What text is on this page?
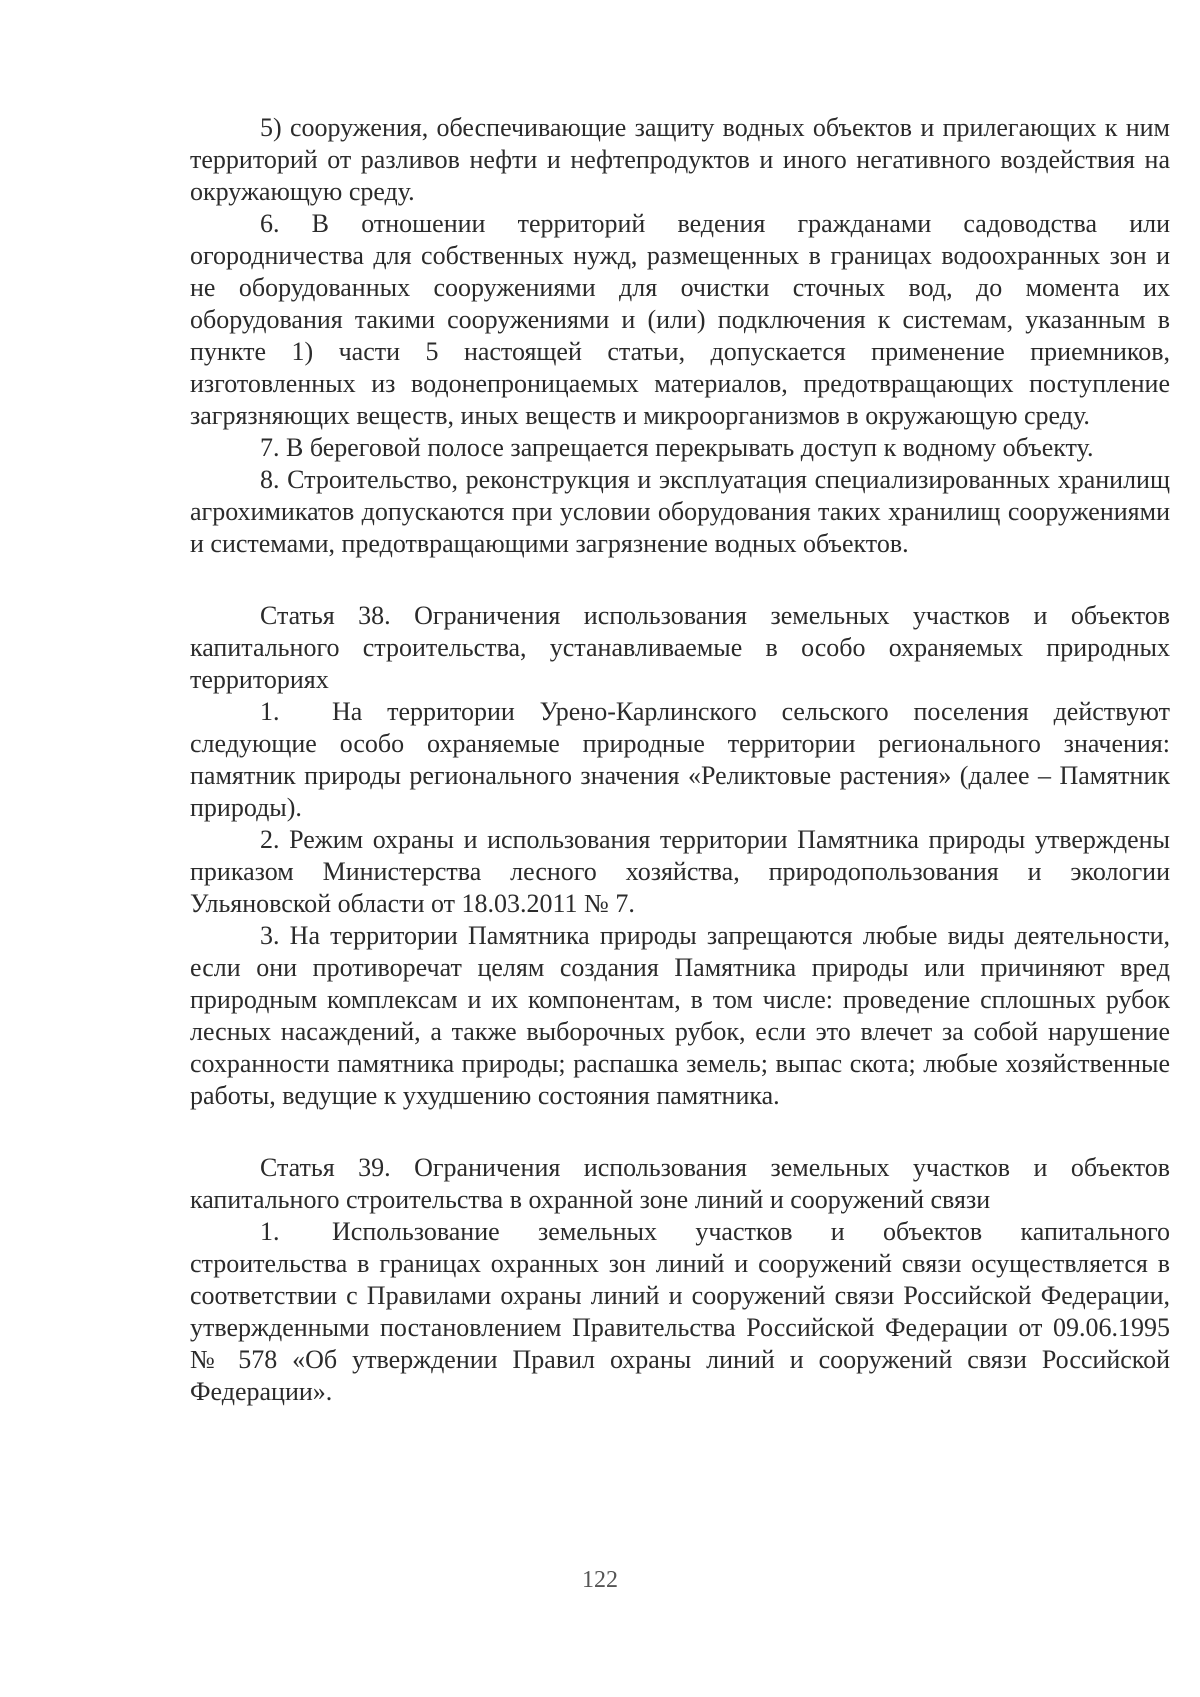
5) сооружения, обеспечивающие защиту водных объектов и прилегающих к ним территорий от разливов нефти и нефтепродуктов и иного негативного воздействия на окружающую среду.

6. В отношении территорий ведения гражданами садоводства или огородничества для собственных нужд, размещенных в границах водоохранных зон и не оборудованных сооружениями для очистки сточных вод, до момента их оборудования такими сооружениями и (или) подключения к системам, указанным в пункте 1) части 5 настоящей статьи, допускается применение приемников, изготовленных из водонепроницаемых материалов, предотвращающих поступление загрязняющих веществ, иных веществ и микроорганизмов в окружающую среду.

7. В береговой полосе запрещается перекрывать доступ к водному объекту.

8. Строительство, реконструкция и эксплуатация специализированных хранилищ агрохимикатов допускаются при условии оборудования таких хранилищ сооружениями и системами, предотвращающими загрязнение водных объектов.

Статья 38. Ограничения использования земельных участков и объектов капитального строительства, устанавливаемые в особо охраняемых природных территориях

1. На территории Урено-Карлинского сельского поселения действуют следующие особо охраняемые природные территории регионального значения: памятник природы регионального значения «Реликтовые растения» (далее – Памятник природы).

2. Режим охраны и использования территории Памятника природы утверждены приказом Министерства лесного хозяйства, природопользования и экологии Ульяновской области от 18.03.2011 № 7.

3. На территории Памятника природы запрещаются любые виды деятельности, если они противоречат целям создания Памятника природы или причиняют вред природным комплексам и их компонентам, в том числе: проведение сплошных рубок лесных насаждений, а также выборочных рубок, если это влечет за собой нарушение сохранности памятника природы; распашка земель; выпас скота; любые хозяйственные работы, ведущие к ухудшению состояния памятника.

Статья 39. Ограничения использования земельных участков и объектов капитального строительства в охранной зоне линий и сооружений связи

1. Использование земельных участков и объектов капитального строительства в границах охранных зон линий и сооружений связи осуществляется в соответствии с Правилами охраны линий и сооружений связи Российской Федерации, утвержденными постановлением Правительства Российской Федерации от 09.06.1995 № 578 «Об утверждении Правил охраны линий и сооружений связи Российской Федерации».

122
